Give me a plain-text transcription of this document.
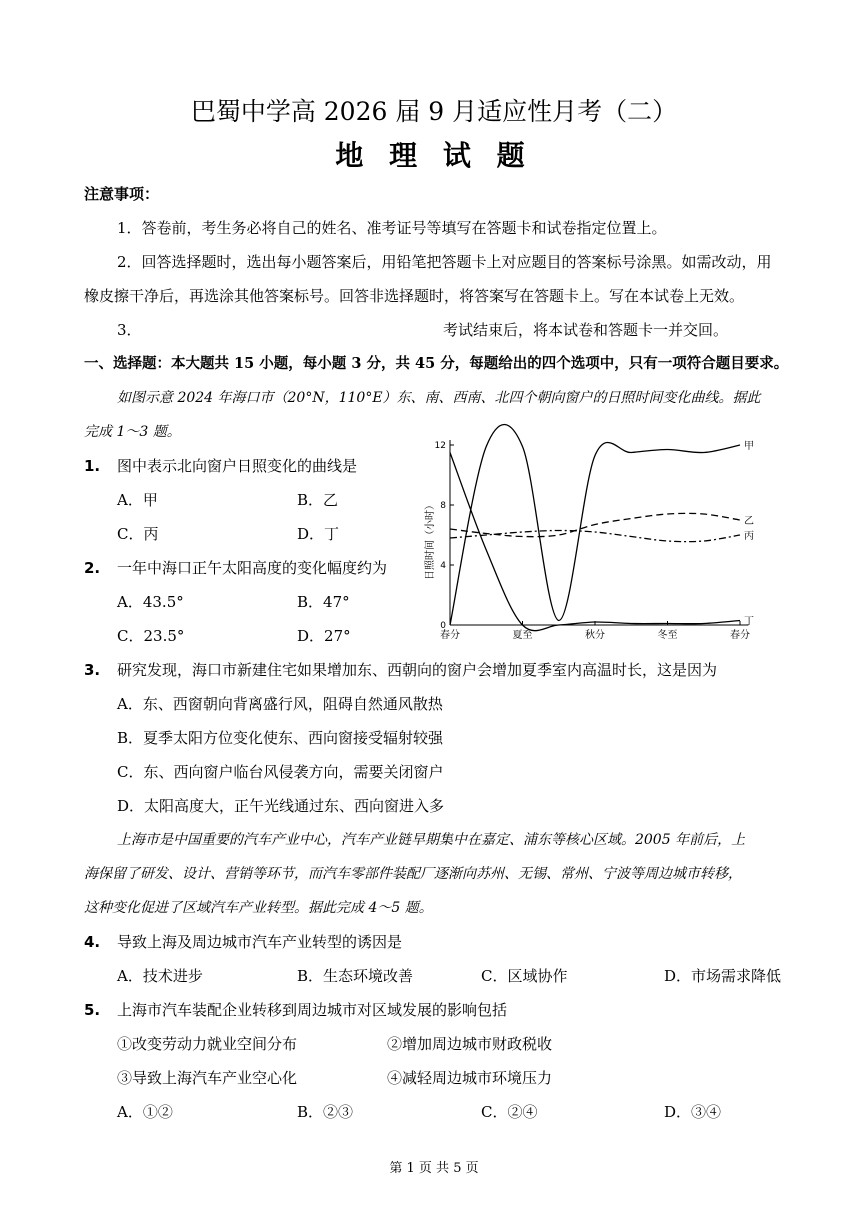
巴蜀中学高 2026 届 9 月适应性月考（二）
地 理 试 题
注意事项：
1．答卷前，考生务必将自己的姓名、准考证号等填写在答题卡和试卷指定位置上。
2．回答选择题时，选出每小题答案后，用铅笔把答题卡上对应题目的答案标号涂黑。如需改动，用
橡皮擦干净后，再选涂其他答案标号。回答非选择题时，将答案写在答题卡上。写在本试卷上无效。
3．	考试结束后，将本试卷和答题卡一并交回。
一、选择题：本大题共 15 小题，每小题 3 分，共 45 分，每题给出的四个选项中，只有一项符合题目要求。
如图示意 2024 年海口市（20°N，110°E）东、南、西南、北四个朝向窗户的日照时间变化曲线。据此
完成 1～3 题。
1. 图中表示北向窗户日照变化的曲线是
A．甲	B．乙
C．丙	D．丁
2. 一年中海口正午太阳高度的变化幅度约为
A．43.5°	B．47°
C．23.5°	D．27°
0
4
8
12
春分	夏至	秋分	冬至	春分
甲
乙
丙
丁
日照时间（小时）
3. 研究发现，海口市新建住宅如果增加东、西朝向的窗户会增加夏季室内高温时长，这是因为
A．东、西窗朝向背离盛行风，阻碍自然通风散热
B．夏季太阳方位变化使东、西向窗接受辐射较强
C．东、西向窗户临台风侵袭方向，需要关闭窗户
D．太阳高度大，正午光线通过东、西向窗进入多
上海市是中国重要的汽车产业中心，汽车产业链早期集中在嘉定、浦东等核心区域。2005 年前后，上
海保留了研发、设计、营销等环节，而汽车零部件装配厂逐渐向苏州、无锡、常州、宁波等周边城市转移，
这种变化促进了区域汽车产业转型。据此完成 4～5 题。
4. 导致上海及周边城市汽车产业转型的诱因是
A．技术进步	B．生态环境改善	C．区域协作	D．市场需求降低
5. 上海市汽车装配企业转移到周边城市对区域发展的影响包括
①改变劳动力就业空间分布	②增加周边城市财政税收
③导致上海汽车产业空心化	④减轻周边城市环境压力
A．①②	B．②③	C．②④	D．③④
第 1 页 共 5 页
